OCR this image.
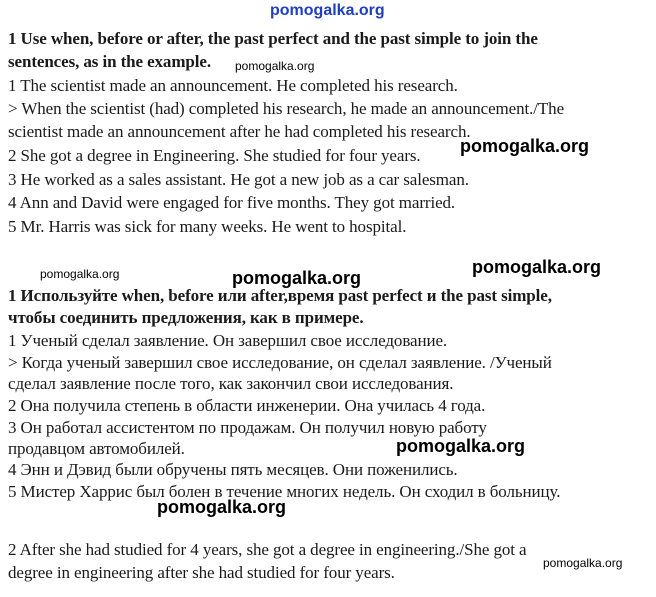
1 Use when, before or after, the past perfect and the past simple to join the
sentences, as in the example.
1 The scientist made an announcement. He completed his research.
> When the scientist (had) completed his research, he made an announcement./The
scientist made an announcement after he had completed his research.
2 She got a degree in Engineering. She studied for four years.
3 He worked as a sales assistant. He got a new job as a car salesman.
4 Ann and David were engaged for five months. They got married.
5 Mr. Harris was sick for many weeks. He went to hospital.
1 Используйте when, before или after,время past perfect и the past simple,
чтобы соединить предложения, как в примере.
1 Ученый сделал заявление. Он завершил свое исследование.
> Когда ученый завершил свое исследование, он сделал заявление. /Ученый
сделал заявление после того, как закончил свои исследования.
2 Она получила степень в области инженерии. Она училась 4 года.
3 Он работал ассистентом по продажам. Он получил новую работу
продавцом автомобилей.
4 Энн и Дэвид были обручены пять месяцев. Они поженились.
5 Мистер Харрис был болен в течение многих недель. Он сходил в больницу.
2 After she had studied for 4 years, she got a degree in engineering./She got a
degree in engineering after she had studied for four years.
pomogalka.org
pomogalka.org
pomogalka.org
pomogalka.org	pomogalka.org
pomogalka.org
pomogalka.org
pomogalka.org
pomogalka.org
